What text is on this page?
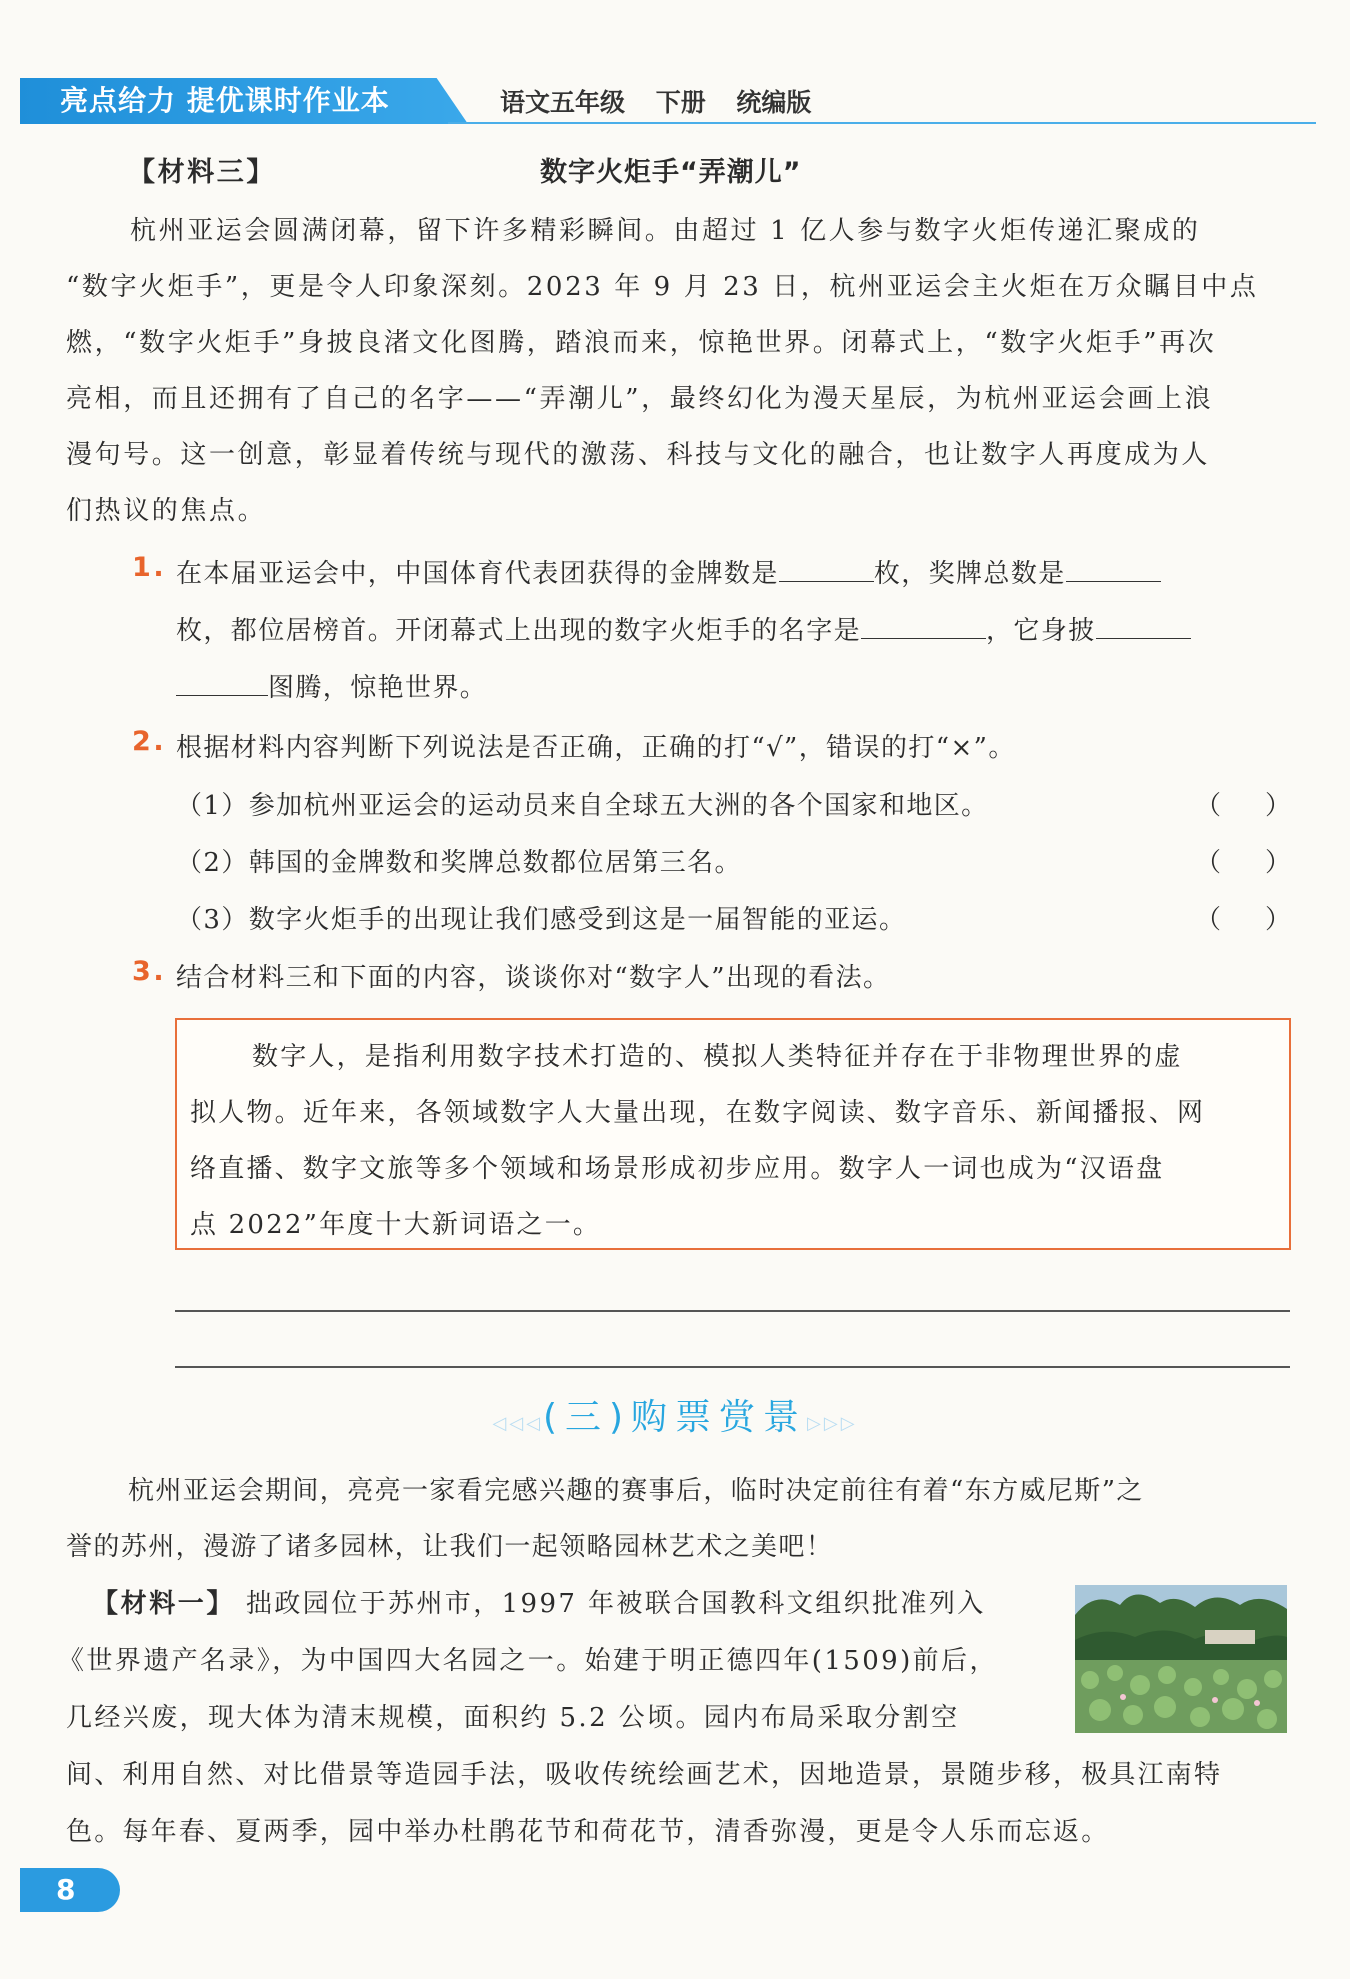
亮点给力 提优课时作业本	语文五年级 下册 统编版
【材料三】	数字火炬手“弄潮儿”
杭州亚运会圆满闭幕，留下许多精彩瞬间。由超过 1 亿人参与数字火炬传递汇聚成的
“数字火炬手”，更是令人印象深刻。2023 年 9 月 23 日，杭州亚运会主火炬在万众瞩目中点
燃，“数字火炬手”身披良渚文化图腾，踏浪而来，惊艳世界。闭幕式上，“数字火炬手”再次
亮相，而且还拥有了自己的名字——“弄潮儿”，最终幻化为漫天星辰，为杭州亚运会画上浪
漫句号。这一创意，彰显着传统与现代的激荡、科技与文化的融合，也让数字人再度成为人
们热议的焦点。
1. 在本届亚运会中，中国体育代表团获得的金牌数是	枚，奖牌总数是
枚，都位居榜首。开闭幕式上出现的数字火炬手的名字是	，它身披
图腾，惊艳世界。
2. 根据材料内容判断下列说法是否正确，正确的打“√”，错误的打“×”。
（1）参加杭州亚运会的运动员来自全球五大洲的各个国家和地区。	（ ）
（2）韩国的金牌数和奖牌总数都位居第三名。	（ ）
（3）数字火炬手的出现让我们感受到这是一届智能的亚运。	（ ）
3. 结合材料三和下面的内容，谈谈你对“数字人”出现的看法。
数字人，是指利用数字技术打造的、模拟人类特征并存在于非物理世界的虚
拟人物。近年来，各领域数字人大量出现，在数字阅读、数字音乐、新闻播报、网
络直播、数字文旅等多个领域和场景形成初步应用。数字人一词也成为“汉语盘
点 2022”年度十大新词语之一。
◁◁◁(三)购票赏景▷▷▷
杭州亚运会期间，亮亮一家看完感兴趣的赛事后，临时决定前往有着“东方威尼斯”之
誉的苏州，漫游了诸多园林，让我们一起领略园林艺术之美吧！
【材料一】 拙政园位于苏州市，1997 年被联合国教科文组织批准列入
《世界遗产名录》，为中国四大名园之一。始建于明正德四年(1509)前后，
几经兴废，现大体为清末规模，面积约 5.2 公顷。园内布局采取分割空
间、利用自然、对比借景等造园手法，吸收传统绘画艺术，因地造景，景随步移，极具江南特
色。每年春、夏两季，园中举办杜鹃花节和荷花节，清香弥漫，更是令人乐而忘返。
8
